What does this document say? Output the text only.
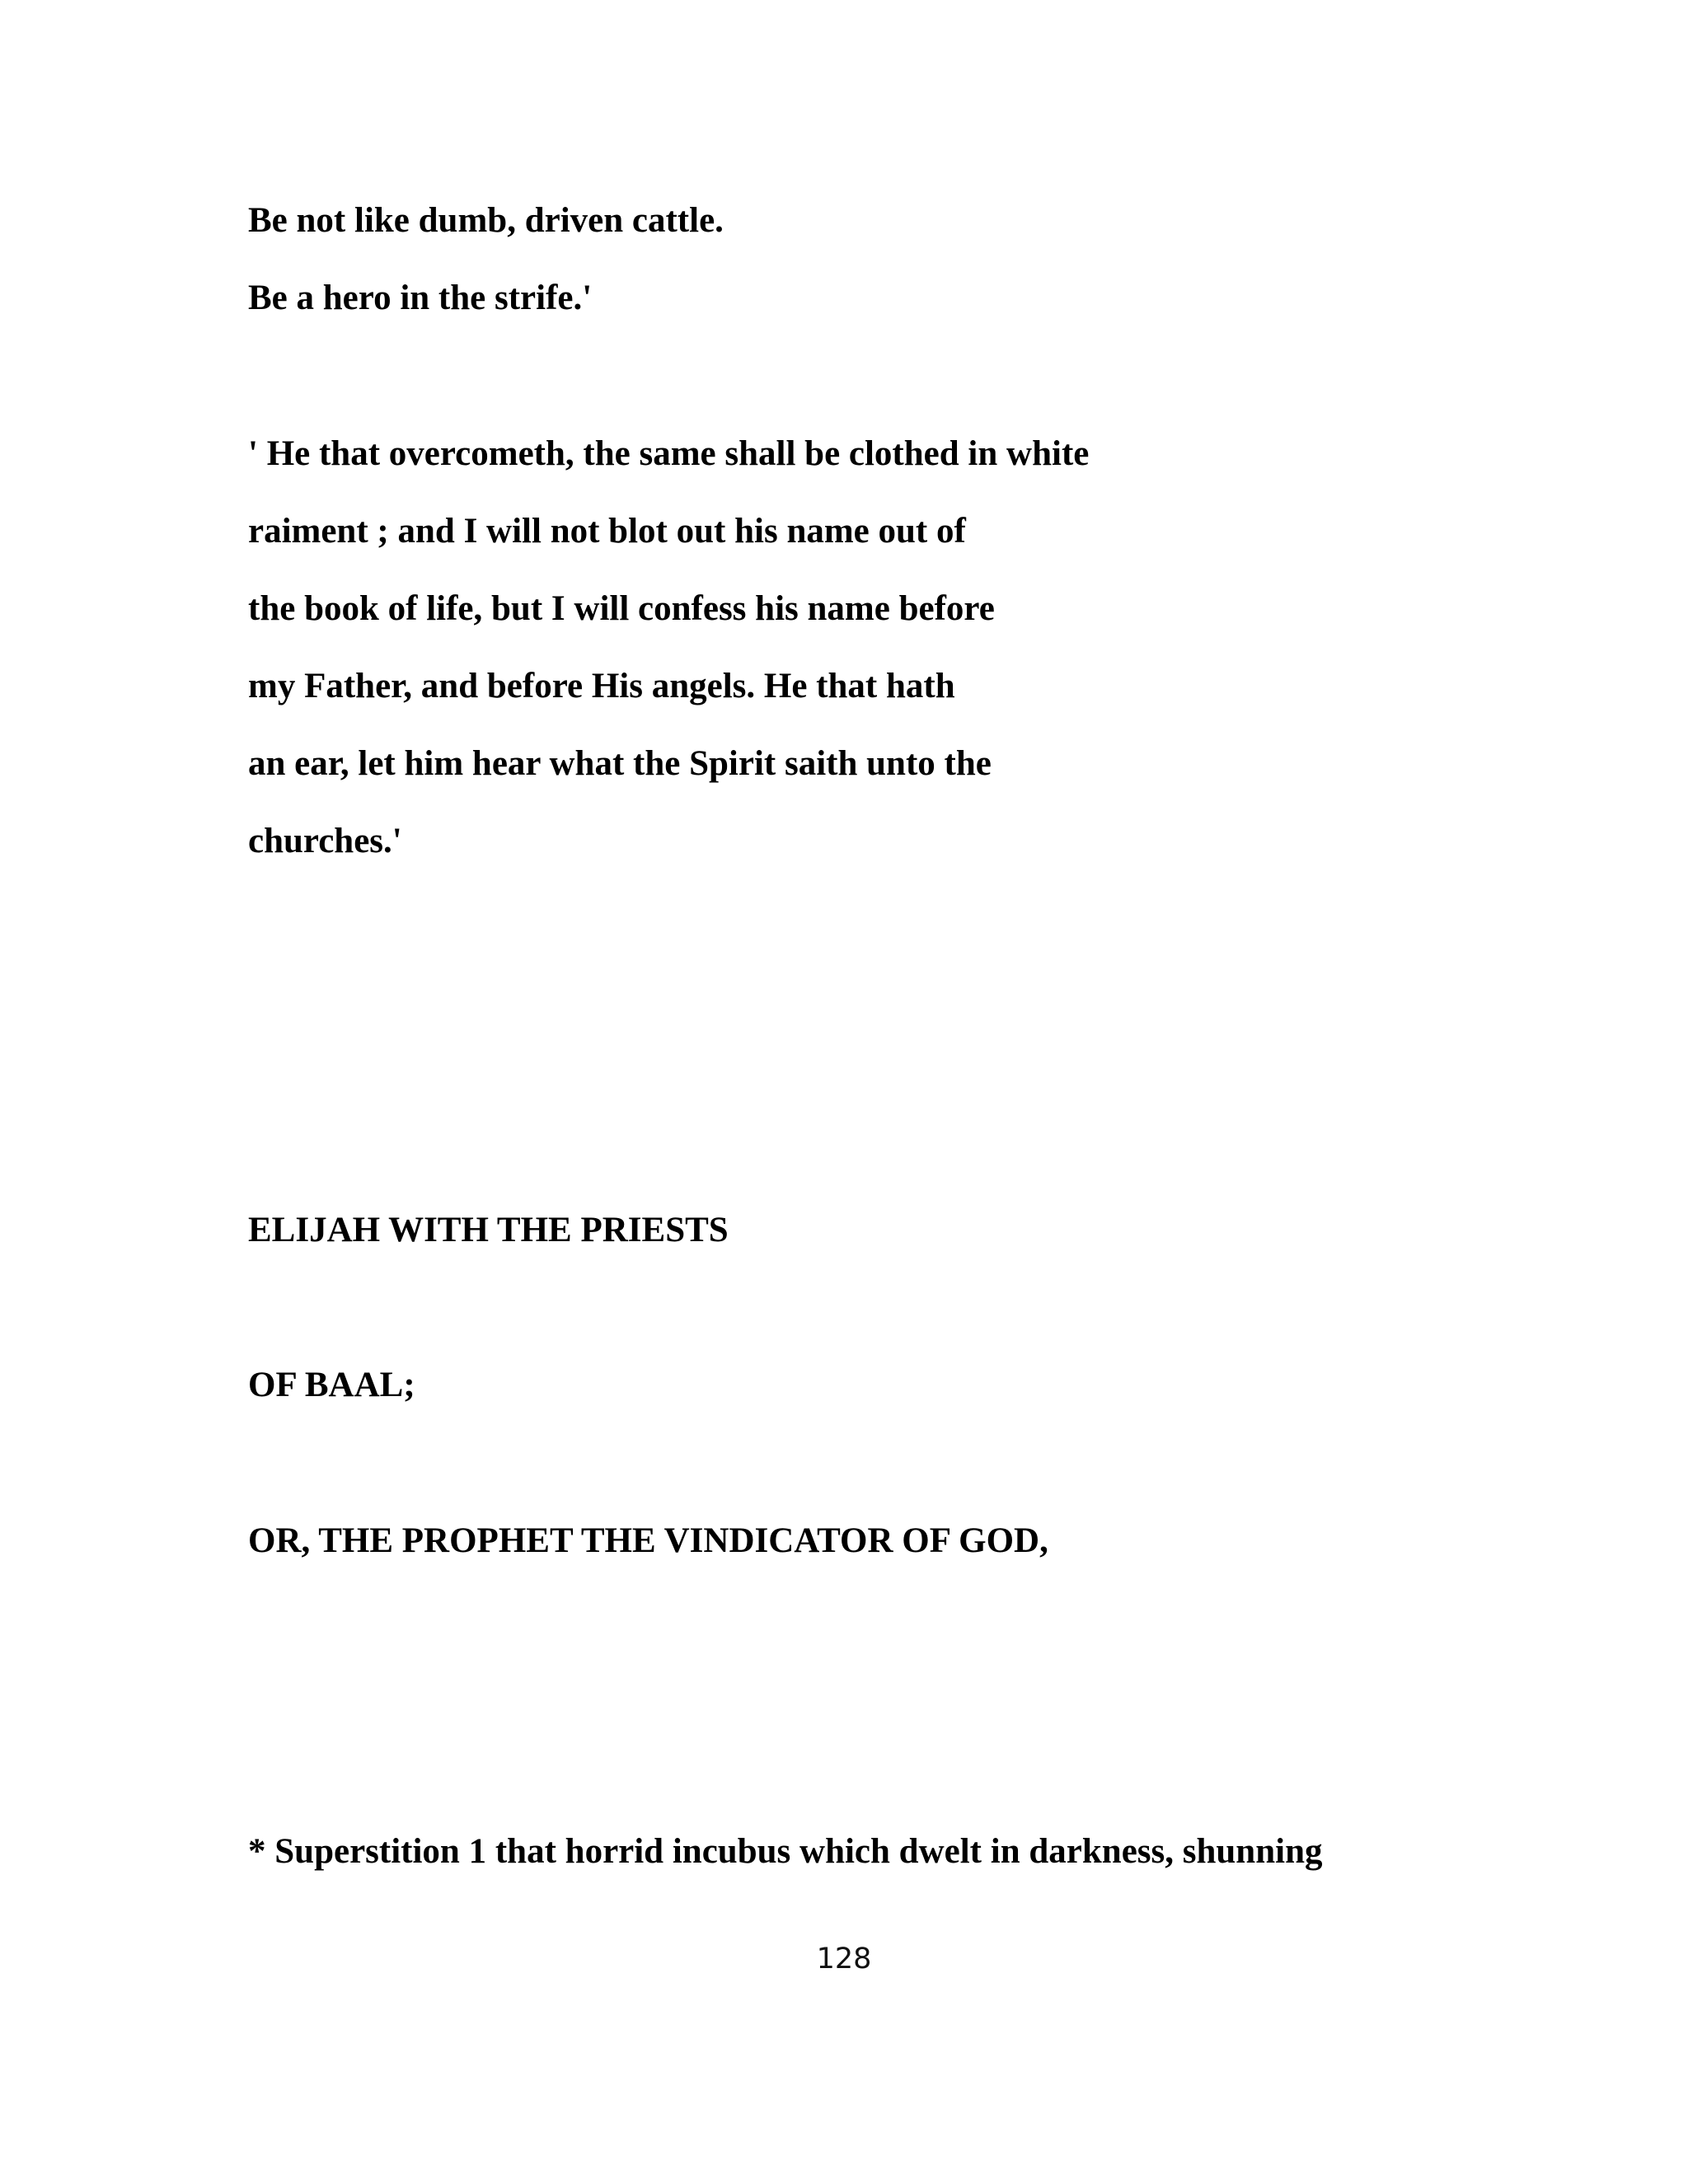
Be not like dumb, driven cattle.

Be a hero in the strife.'

' He that overcometh, the same shall be clothed in white

raiment ; and I will not blot out his name out of

the book of life, but I will confess his name before

my Father, and before His angels. He that hath

an ear, let him hear what the Spirit saith unto the

churches.'

ELIJAH WITH THE PRIESTS

OF BAAL;

OR, THE PROPHET THE VINDICATOR OF GOD,

* Superstition 1 that horrid incubus which dwelt in darkness, shunning

128
